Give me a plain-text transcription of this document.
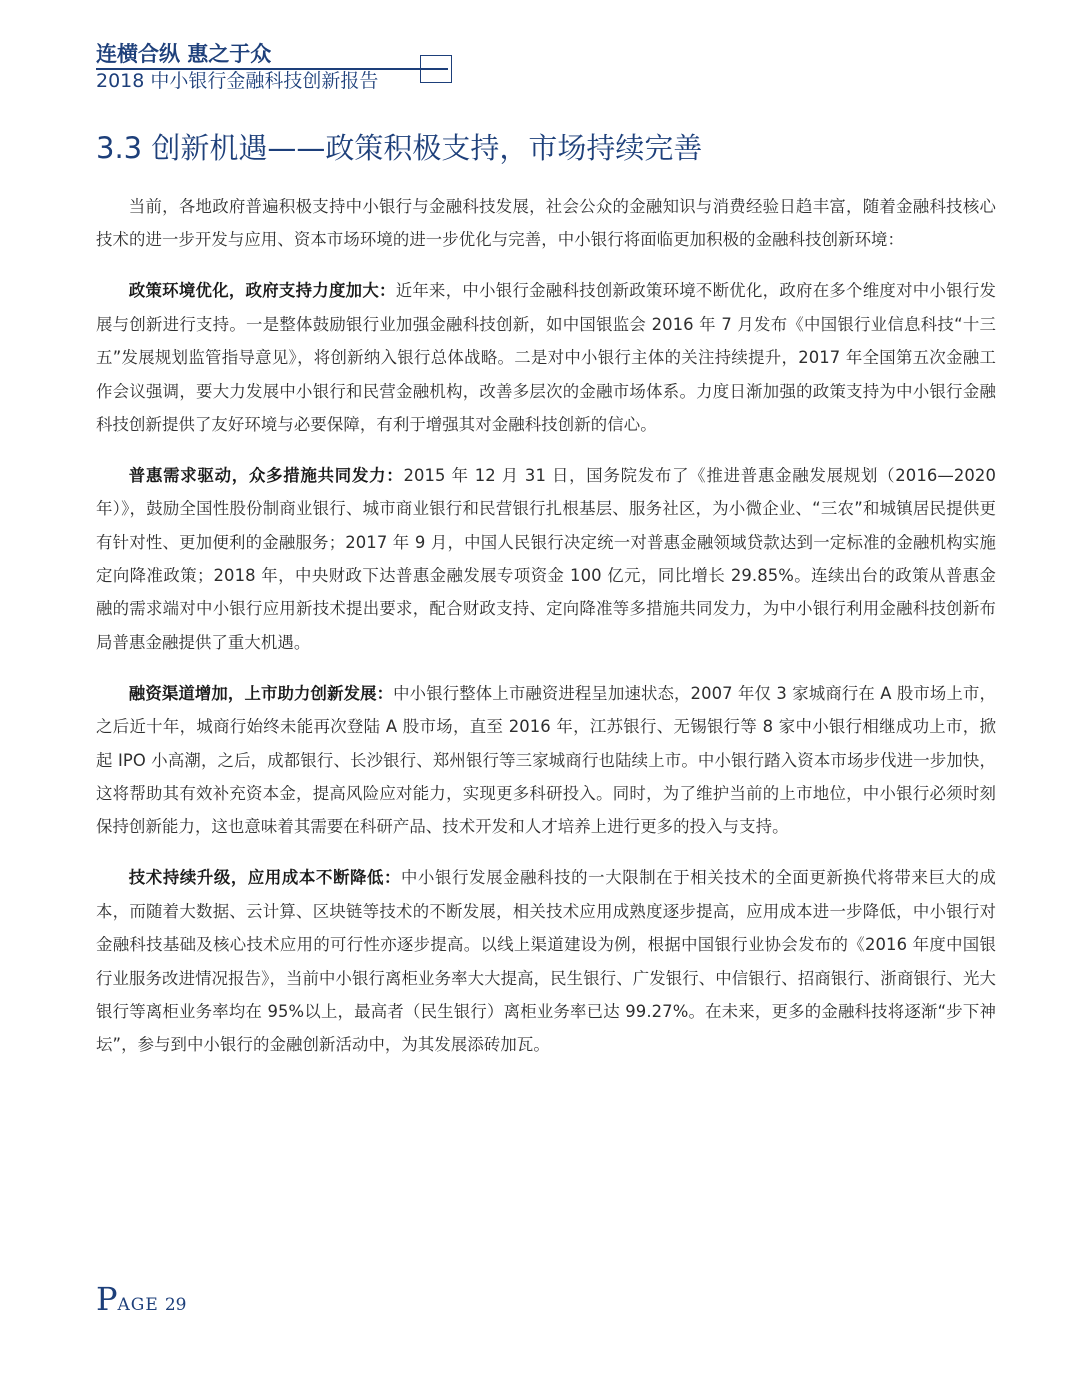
连横合纵 惠之于众
2018 中小银行金融科技创新报告
3.3 创新机遇——政策积极支持，市场持续完善

当前，各地政府普遍积极支持中小银行与金融科技发展，社会公众的金融知识与消费经验日趋丰富，随着金融科技核心技术的进一步开发与应用、资本市场环境的进一步优化与完善，中小银行将面临更加积极的金融科技创新环境：

政策环境优化，政府支持力度加大：近年来，中小银行金融科技创新政策环境不断优化，政府在多个维度对中小银行发展与创新进行支持。一是整体鼓励银行业加强金融科技创新，如中国银监会 2016 年 7 月发布《中国银行业信息科技“十三五”发展规划监管指导意见》，将创新纳入银行总体战略。二是对中小银行主体的关注持续提升，2017 年全国第五次金融工作会议强调，要大力发展中小银行和民营金融机构，改善多层次的金融市场体系。力度日渐加强的政策支持为中小银行金融科技创新提供了友好环境与必要保障，有利于增强其对金融科技创新的信心。

普惠需求驱动，众多措施共同发力：2015 年 12 月 31 日，国务院发布了《推进普惠金融发展规划（2016—2020 年）》，鼓励全国性股份制商业银行、城市商业银行和民营银行扎根基层、服务社区，为小微企业、“三农”和城镇居民提供更有针对性、更加便利的金融服务；2017 年 9 月，中国人民银行决定统一对普惠金融领域贷款达到一定标准的金融机构实施定向降准政策；2018 年，中央财政下达普惠金融发展专项资金 100 亿元，同比增长 29.85%。连续出台的政策从普惠金融的需求端对中小银行应用新技术提出要求，配合财政支持、定向降准等多措施共同发力，为中小银行利用金融科技创新布局普惠金融提供了重大机遇。

融资渠道增加，上市助力创新发展：中小银行整体上市融资进程呈加速状态，2007 年仅 3 家城商行在 A 股市场上市，之后近十年，城商行始终未能再次登陆 A 股市场，直至 2016 年，江苏银行、无锡银行等 8 家中小银行相继成功上市，掀起 IPO 小高潮，之后，成都银行、长沙银行、郑州银行等三家城商行也陆续上市。中小银行踏入资本市场步伐进一步加快，这将帮助其有效补充资本金，提高风险应对能力，实现更多科研投入。同时，为了维护当前的上市地位，中小银行必须时刻保持创新能力，这也意味着其需要在科研产品、技术开发和人才培养上进行更多的投入与支持。

技术持续升级，应用成本不断降低：中小银行发展金融科技的一大限制在于相关技术的全面更新换代将带来巨大的成本，而随着大数据、云计算、区块链等技术的不断发展，相关技术应用成熟度逐步提高，应用成本进一步降低，中小银行对金融科技基础及核心技术应用的可行性亦逐步提高。以线上渠道建设为例，根据中国银行业协会发布的《2016 年度中国银行业服务改进情况报告》，当前中小银行离柜业务率大大提高，民生银行、广发银行、中信银行、招商银行、浙商银行、光大银行等离柜业务率均在 95%以上，最高者（民生银行）离柜业务率已达 99.27%。在未来，更多的金融科技将逐渐“步下神坛”，参与到中小银行的金融创新活动中，为其发展添砖加瓦。

PAGE 29
